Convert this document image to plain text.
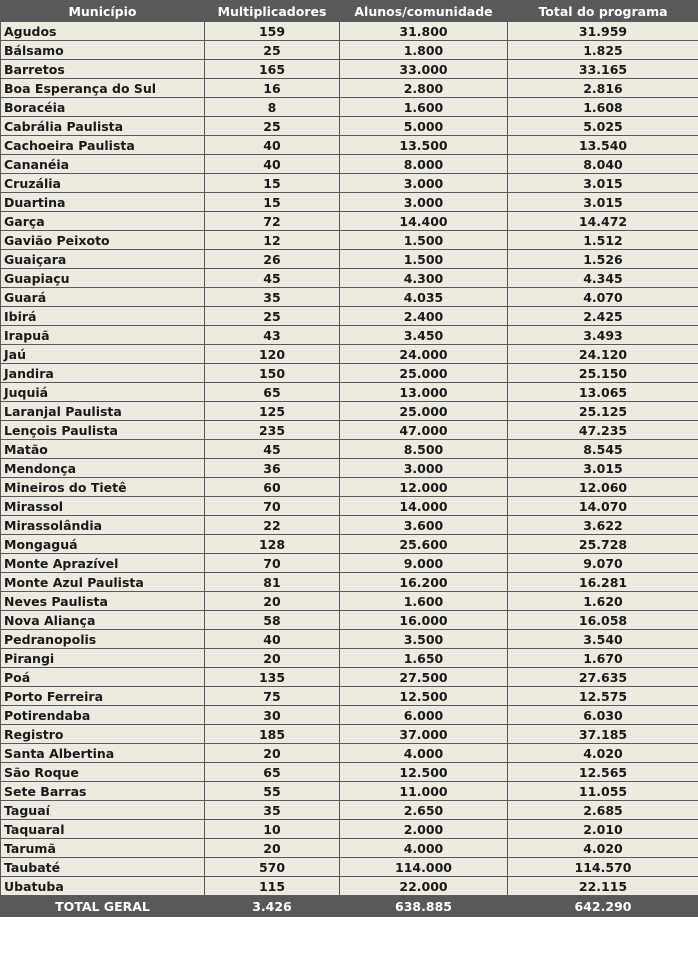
Município	Multiplicadores	Alunos/comunidade	Total do programa
Agudos	159	31.800	31.959
Bálsamo	25	1.800	1.825
Barretos	165	33.000	33.165
Boa Esperança do Sul	16	2.800	2.816
Boracéia	8	1.600	1.608
Cabrália Paulista	25	5.000	5.025
Cachoeira Paulista	40	13.500	13.540
Cananéia	40	8.000	8.040
Cruzália	15	3.000	3.015
Duartina	15	3.000	3.015
Garça	72	14.400	14.472
Gavião Peixoto	12	1.500	1.512
Guaiçara	26	1.500	1.526
Guapiaçu	45	4.300	4.345
Guará	35	4.035	4.070
Ibirá	25	2.400	2.425
Irapuã	43	3.450	3.493
Jaú	120	24.000	24.120
Jandira	150	25.000	25.150
Juquiá	65	13.000	13.065
Laranjal Paulista	125	25.000	25.125
Lençois Paulista	235	47.000	47.235
Matão	45	8.500	8.545
Mendonça	36	3.000	3.015
Mineiros do Tietê	60	12.000	12.060
Mirassol	70	14.000	14.070
Mirassolândia	22	3.600	3.622
Mongaguá	128	25.600	25.728
Monte Aprazível	70	9.000	9.070
Monte Azul Paulista	81	16.200	16.281
Neves Paulista	20	1.600	1.620
Nova Aliança	58	16.000	16.058
Pedranopolis	40	3.500	3.540
Pirangi	20	1.650	1.670
Poá	135	27.500	27.635
Porto Ferreira	75	12.500	12.575
Potirendaba	30	6.000	6.030
Registro	185	37.000	37.185
Santa Albertina	20	4.000	4.020
São Roque	65	12.500	12.565
Sete Barras	55	11.000	11.055
Taguaí	35	2.650	2.685
Taquaral	10	2.000	2.010
Tarumã	20	4.000	4.020
Taubaté	570	114.000	114.570
Ubatuba	115	22.000	22.115
TOTAL GERAL	3.426	638.885	642.290
